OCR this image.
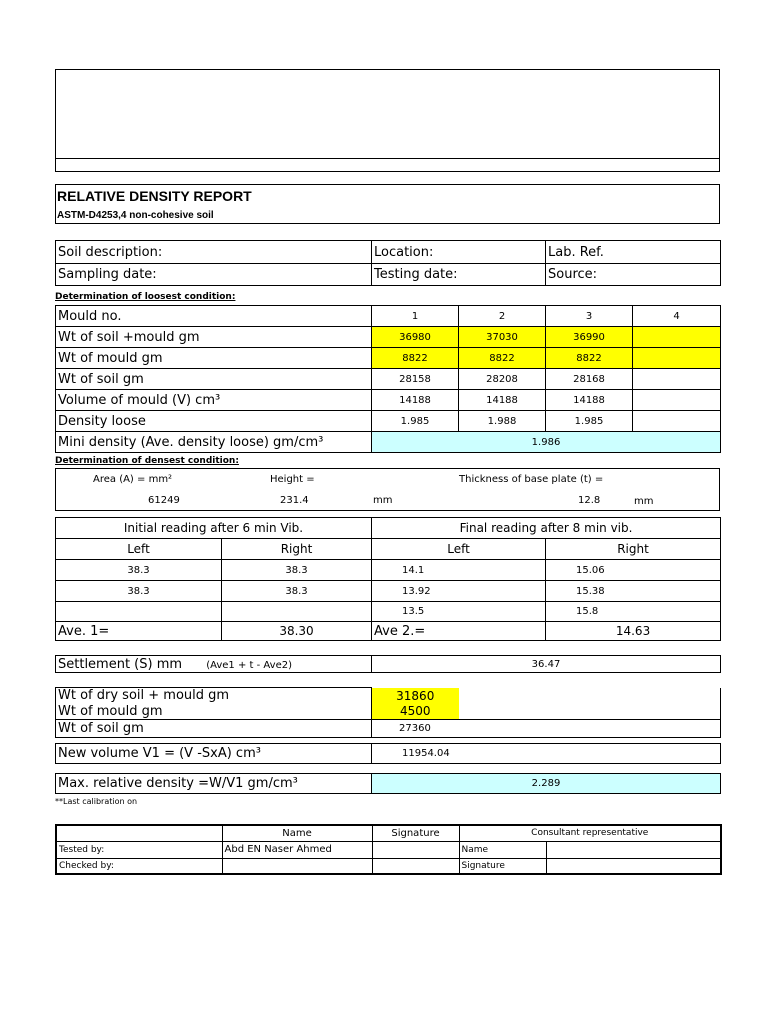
RELATIVE DENSITY REPORT
ASTM-D4253,4 non-cohesive soil
Soil description:	Location:	Lab. Ref.
Sampling date:	Testing date:	Source:
Determination of loosest condition:
Mould no.	1	2	3	4
Wt of soil +mould gm	36980	37030	36990	
Wt of mould gm	8822	8822	8822	
Wt of soil gm	28158	28208	28168	
Volume of mould (V) cm³	14188	14188	14188	
Density loose	1.985	1.988	1.985	
Mini density (Ave. density loose) gm/cm³	1.986			
Determination of densest condition:
Area (A) = mm²	Height =	Thickness of base plate (t) =
61249	231.4	mm	12.8	mm
Initial reading after 6 min Vib.		Final reading after 8 min vib.	
Left	Right	Left	Right
38.3	38.3	14.1	15.06
38.3	38.3	13.92	15.38
		13.5	15.8
Ave. 1=	38.30	Ave 2.=	14.63
Settlement (S) mm (Ave1 + t - Ave2)	36.47
Wt of dry soil + mould gm	31860	
Wt of mould gm	4500	
Wt of soil gm	27360	
New volume V1 = (V -SxA) cm³	11954.04
Max. relative density =W/V1 gm/cm³	2.289
**Last calibration on
	Name	Signature	Consultant representative	
Tested by:	Abd EN Naser Ahmed		Name	
Checked by:			Signature	
